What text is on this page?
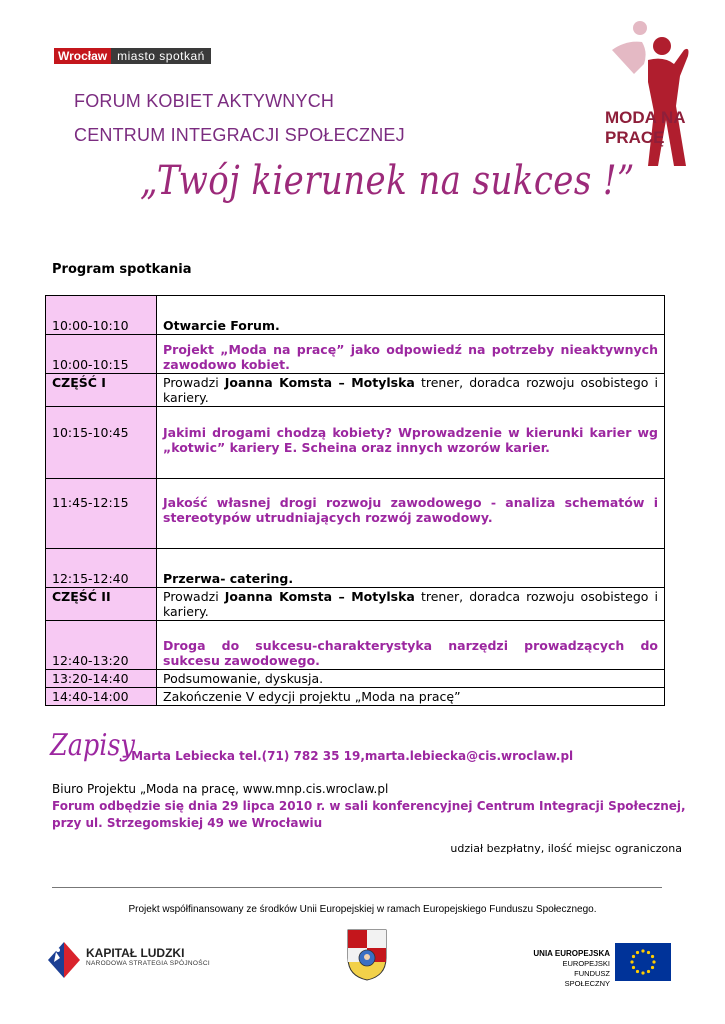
Wrocław miasto spotkań
FORUM KOBIET AKTYWNYCH
CENTRUM INTEGRACJI SPOŁECZNEJ
„Twój kierunek na sukces !”
MODA NA
PRACĘ
Program spotkania
10:00-10:10	Otwarcie Forum.
10:00-10:15	Projekt „Moda na pracę” jako odpowiedź na potrzeby nieaktywnych zawodowo kobiet.
CZĘŚĆ I	Prowadzi Joanna Komsta – Motylska trener, doradca rozwoju osobistego i kariery.
10:15-10:45	Jakimi drogami chodzą kobiety? Wprowadzenie w kierunki karier wg „kotwic” kariery E. Scheina oraz innych wzorów karier.
11:45-12:15	Jakość własnej drogi rozwoju zawodowego - analiza schematów i stereotypów utrudniających rozwój zawodowy.
12:15-12:40	Przerwa- catering.
CZĘŚĆ II	Prowadzi Joanna Komsta – Motylska trener, doradca rozwoju osobistego i kariery.
12:40-13:20	Droga do sukcesu-charakterystyka narzędzi prowadzących do sukcesu zawodowego.
13:20-14:40	Podsumowanie, dyskusja.
14:40-14:00	Zakończenie V edycji projektu „Moda na pracę”
Zapisy
- Marta Lebiecka tel.(71) 782 35 19,marta.lebiecka@cis.wroclaw.pl
Biuro Projektu „Moda na pracę, www.mnp.cis.wroclaw.pl
Forum odbędzie się dnia 29 lipca 2010 r. w sali konferencyjnej Centrum Integracji Społecznej,
przy ul. Strzegomskiej 49 we Wrocławiu
udział bezpłatny, ilość miejsc ograniczona
Projekt współfinansowany ze środków Unii Europejskiej w ramach Europejskiego Funduszu Społecznego.
KAPITAŁ LUDZKI
NARODOWA STRATEGIA SPÓJNOŚCI
UNIA EUROPEJSKA
EUROPEJSKI
FUNDUSZ SPOŁECZNY
